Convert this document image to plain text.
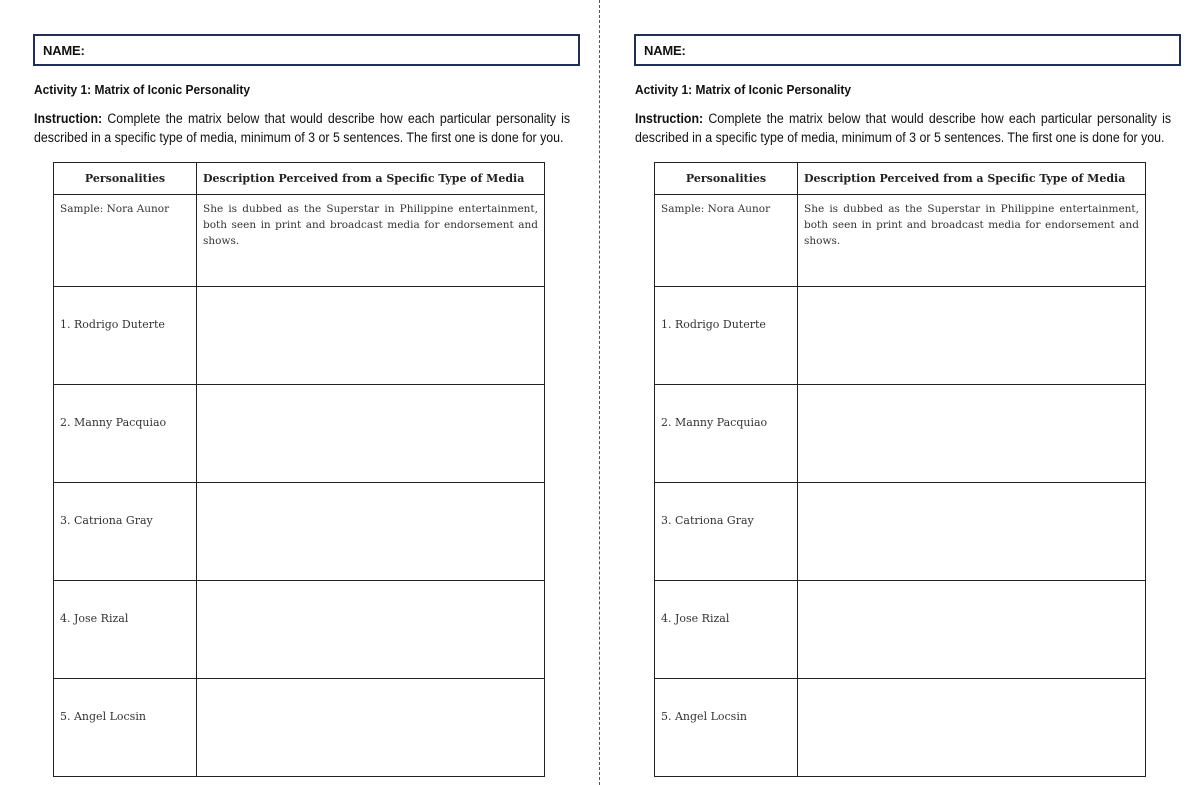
NAME:
Activity 1: Matrix of Iconic Personality
Instruction: Complete the matrix below that would describe how each particular personality is described in a specific type of media, minimum of 3 or 5 sentences. The first one is done for you.
Personalities	Description Perceived from a Specific Type of Media
Sample: Nora Aunor	She is dubbed as the Superstar in Philippine entertainment, both seen in print and broadcast media for endorsement and shows.
1. Rodrigo Duterte	
2. Manny Pacquiao	
3. Catriona Gray	
4. Jose Rizal	
5. Angel Locsin	
NAME:
Activity 1: Matrix of Iconic Personality
Instruction: Complete the matrix below that would describe how each particular personality is described in a specific type of media, minimum of 3 or 5 sentences. The first one is done for you.
Personalities	Description Perceived from a Specific Type of Media
Sample: Nora Aunor	She is dubbed as the Superstar in Philippine entertainment, both seen in print and broadcast media for endorsement and shows.
1. Rodrigo Duterte	
2. Manny Pacquiao	
3. Catriona Gray	
4. Jose Rizal	
5. Angel Locsin	
